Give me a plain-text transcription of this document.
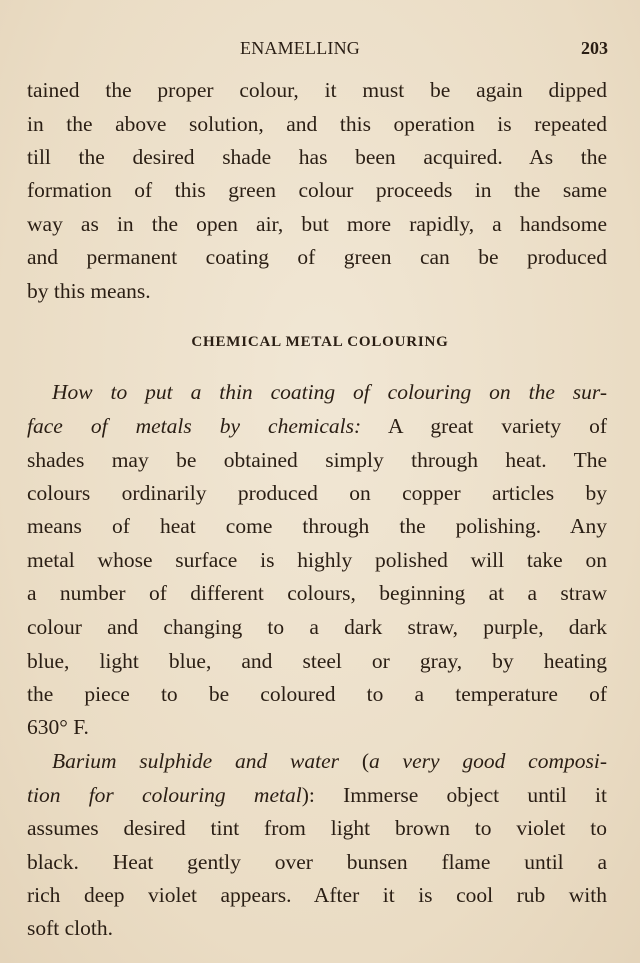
ENAMELLING	203
tained the proper colour, it must be again dipped
in the above solution, and this operation is repeated
till the desired shade has been acquired. As the
formation of this green colour proceeds in the same
way as in the open air, but more rapidly, a handsome
and permanent coating of green can be produced
by this means.
CHEMICAL METAL COLOURING
How to put a thin coating of colouring on the sur-
face of metals by chemicals: A great variety of
shades may be obtained simply through heat. The
colours ordinarily produced on copper articles by
means of heat come through the polishing. Any
metal whose surface is highly polished will take on
a number of different colours, beginning at a straw
colour and changing to a dark straw, purple, dark
blue, light blue, and steel or gray, by heating
the piece to be coloured to a temperature of
630° F.
Barium sulphide and water (a very good composi-
tion for colouring metal): Immerse object until it
assumes desired tint from light brown to violet to
black. Heat gently over bunsen flame until a
rich deep violet appears. After it is cool rub with
soft cloth.
